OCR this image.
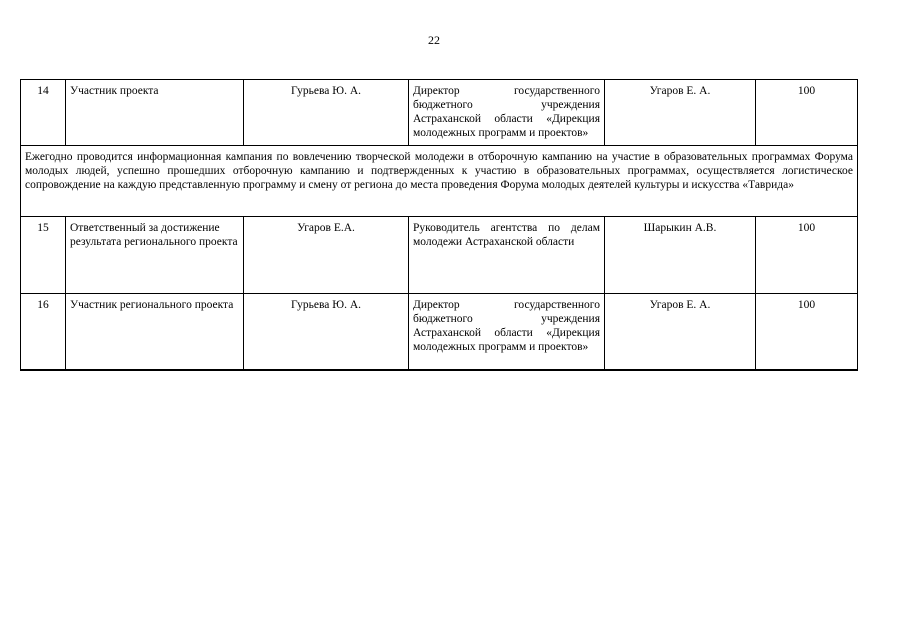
22
14	Участник проекта	Гурьева Ю. А.	Директор государственного бюджетного учреждения Астраханской области «Дирекция молодежных программ и проектов»	Угаров Е. А.	100
Ежегодно проводится информационная кампания по вовлечению творческой молодежи в отборочную кампанию на участие в образовательных программах Форума молодых людей, успешно прошедших отборочную кампанию и подтвержденных к участию в образовательных программах, осуществляется логистическое сопровождение на каждую представленную программу и смену от региона до места проведения Форума молодых деятелей культуры и искусства «Таврида»					
15	Ответственный за достижение результата регионального проекта	Угаров Е.А.	Руководитель агентства по делам молодежи Астраханской области	Шарыкин А.В.	100
16	Участник регионального проекта	Гурьева Ю. А.	Директор государственного бюджетного учреждения Астраханской области «Дирекция молодежных программ и проектов»	Угаров Е. А.	100
